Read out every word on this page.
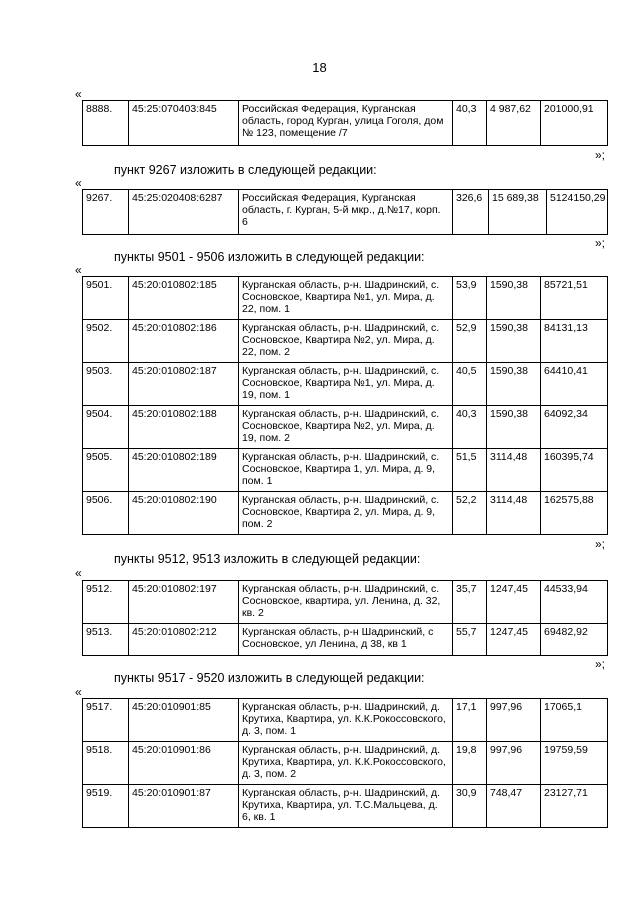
18
«
8888.	45:25:070403:845	Российская Федерация, Курганская область, город Курган, улица Гоголя, дом № 123, помещение /7	40,3	4 987,62	201000,91
»;
пункт 9267 изложить в следующей редакции:
«
9267.	45:25:020408:6287	Российская Федерация, Курганская область, г. Курган, 5-й мкр., д.№17, корп. 6	326,6	15 689,38	5124150,29
»;
пункты 9501 - 9506 изложить в следующей редакции:
«
9501.	45:20:010802:185	Курганская область, р-н. Шадринский, с. Сосновское, Квартира №1, ул. Мира, д. 22, пом. 1	53,9	1590,38	85721,51
9502.	45:20:010802:186	Курганская область, р-н. Шадринский, с. Сосновское, Квартира №2, ул. Мира, д. 22, пом. 2	52,9	1590,38	84131,13
9503.	45:20:010802:187	Курганская область, р-н. Шадринский, с. Сосновское, Квартира №1, ул. Мира, д. 19, пом. 1	40,5	1590,38	64410,41
9504.	45:20:010802:188	Курганская область, р-н. Шадринский, с. Сосновское, Квартира №2, ул. Мира, д. 19, пом. 2	40,3	1590,38	64092,34
9505.	45:20:010802:189	Курганская область, р-н. Шадринский, с. Сосновское, Квартира 1, ул. Мира, д. 9, пом. 1	51,5	3114,48	160395,74
9506.	45:20:010802:190	Курганская область, р-н. Шадринский, с. Сосновское, Квартира 2, ул. Мира, д. 9, пом. 2	52,2	3114,48	162575,88
»;
пункты 9512, 9513 изложить в следующей редакции:
«
9512.	45:20:010802:197	Курганская область, р-н. Шадринский, с. Сосновское, квартира, ул. Ленина, д. 32, кв. 2	35,7	1247,45	44533,94
9513.	45:20:010802:212	Курганская область, р-н Шадринский, с Сосновское, ул Ленина, д 38, кв 1	55,7	1247,45	69482,92
»;
пункты 9517 - 9520 изложить в следующей редакции:
«
9517.	45:20:010901:85	Курганская область, р-н. Шадринский, д. Крутиха, Квартира, ул. К.К.Рокоссовского, д. 3, пом. 1	17,1	997,96	17065,1
9518.	45:20:010901:86	Курганская область, р-н. Шадринский, д. Крутиха, Квартира, ул. К.К.Рокоссовского, д. 3, пом. 2	19,8	997,96	19759,59
9519.	45:20:010901:87	Курганская область, р-н. Шадринский, д. Крутиха, Квартира, ул. Т.С.Мальцева, д. 6, кв. 1	30,9	748,47	23127,71
